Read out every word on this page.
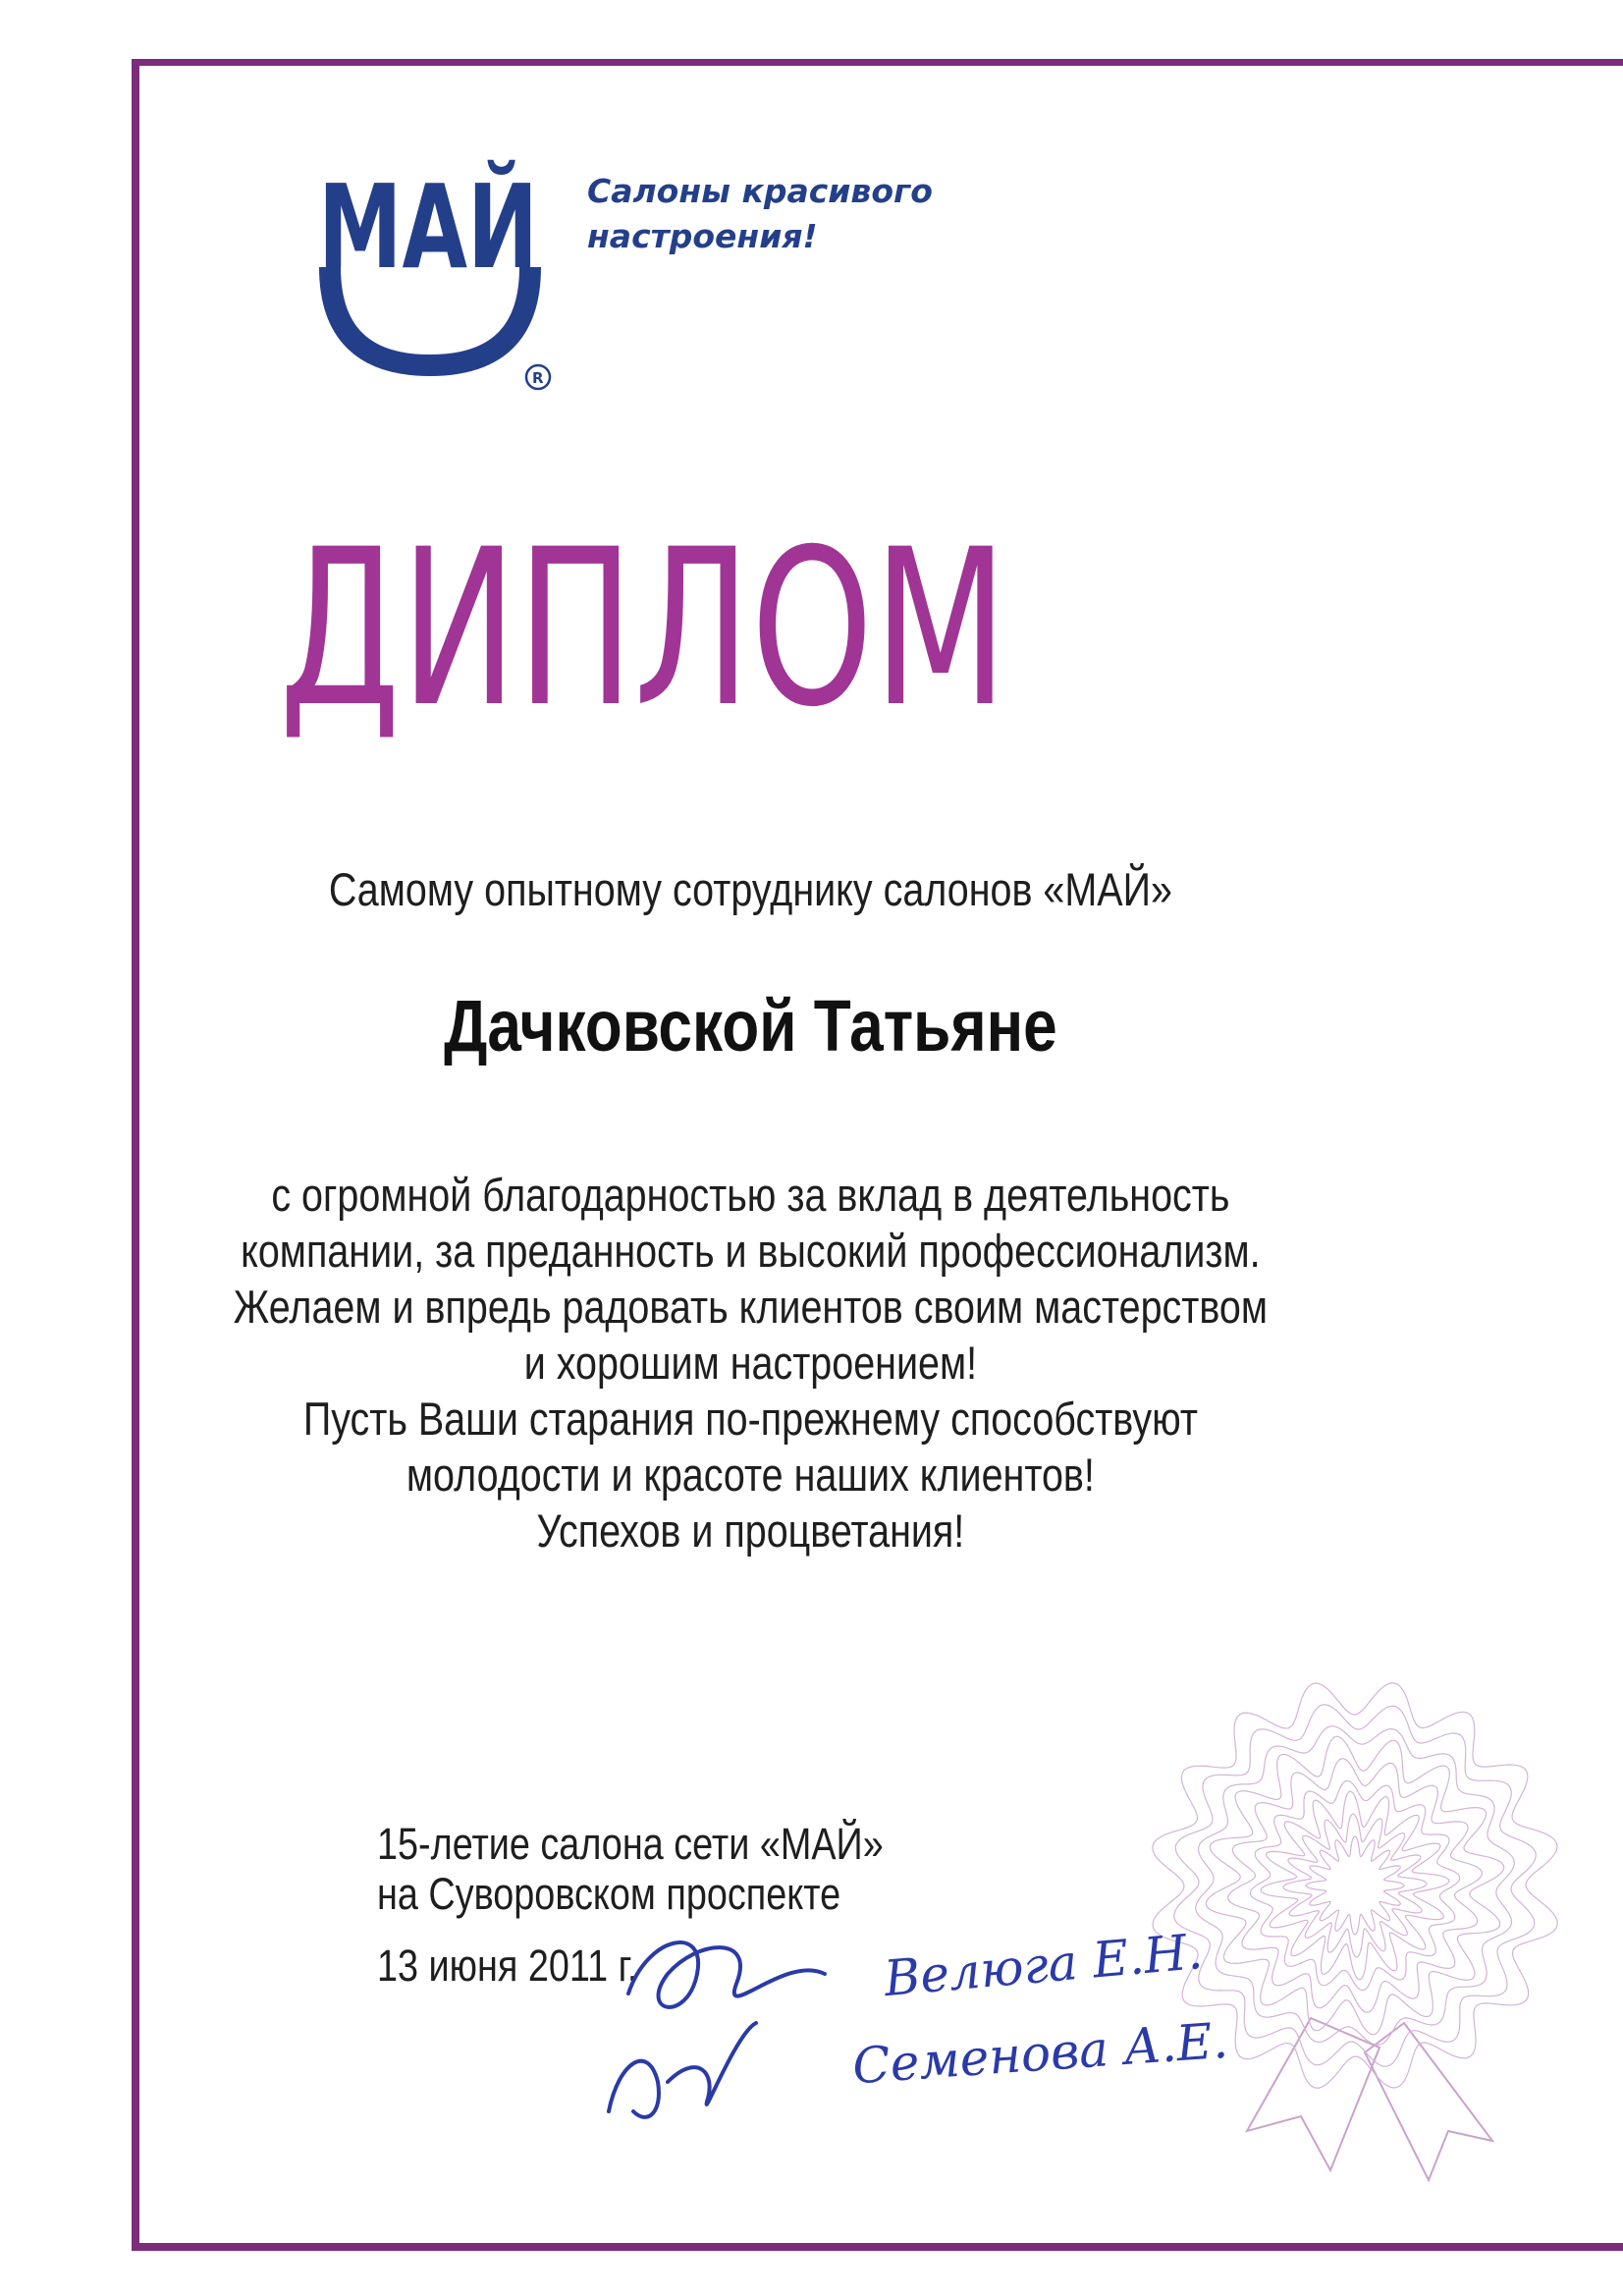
МАЙ
R
Салоны красивого
настроения!
ДИПЛОМ
Самому опытному сотруднику салонов «МАЙ»
Дачковской Татьяне
с огромной благодарностью за вклад в деятельность
компании, за преданность и высокий профессионализм.
Желаем и впредь радовать клиентов своим мастерством
и хорошим настроением!
Пусть Ваши старания по-прежнему способствуют
молодости и красоте наших клиентов!
Успехов и процветания!
15-летие салона сети «МАЙ»
на Суворовском проспекте
13 июня 2011 г.	Велюга Е.Н.
Семенова А.Е.
